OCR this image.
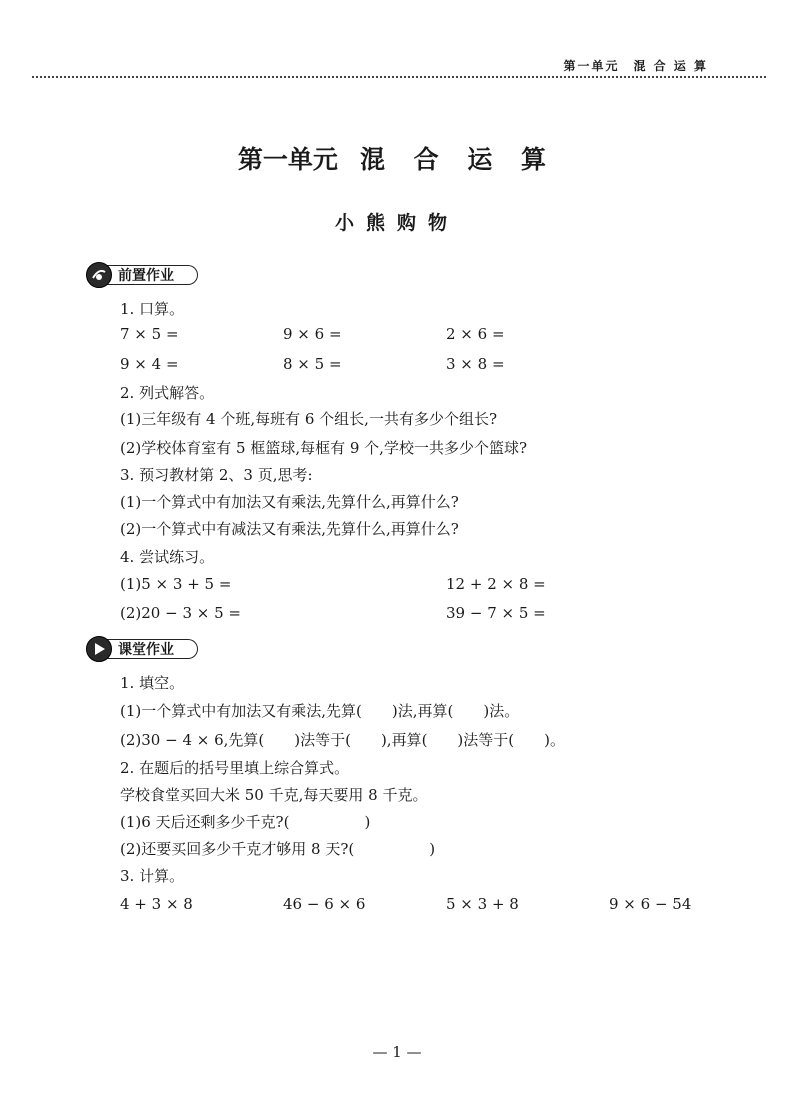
第一单元　混 合 运 算
第一单元 混 合 运 算
小熊购物
前置作业
1. 口算。
7 × 5 =	9 × 6 =	2 × 6 =
9 × 4 =	8 × 5 =	3 × 8 =
2. 列式解答。
(1)三年级有 4 个班,每班有 6 个组长,一共有多少个组长?
(2)学校体育室有 5 框篮球,每框有 9 个,学校一共多少个篮球?
3. 预习教材第 2、3 页,思考:
(1)一个算式中有加法又有乘法,先算什么,再算什么?
(2)一个算式中有减法又有乘法,先算什么,再算什么?
4. 尝试练习。
(1)5 × 3 + 5 =	12 + 2 × 8 =
(2)20 − 3 × 5 =	39 − 7 × 5 =
课堂作业
1. 填空。
(1)一个算式中有加法又有乘法,先算(　　)法,再算(　　)法。
(2)30 − 4 × 6,先算(　　)法等于(　　),再算(　　)法等于(　　)。
2. 在题后的括号里填上综合算式。
学校食堂买回大米 50 千克,每天要用 8 千克。
(1)6 天后还剩多少千克?(　　　　　)
(2)还要买回多少千克才够用 8 天?(　　　　　)
3. 计算。
4 + 3 × 8	46 − 6 × 6	5 × 3 + 8	9 × 6 − 54
— 1 —
